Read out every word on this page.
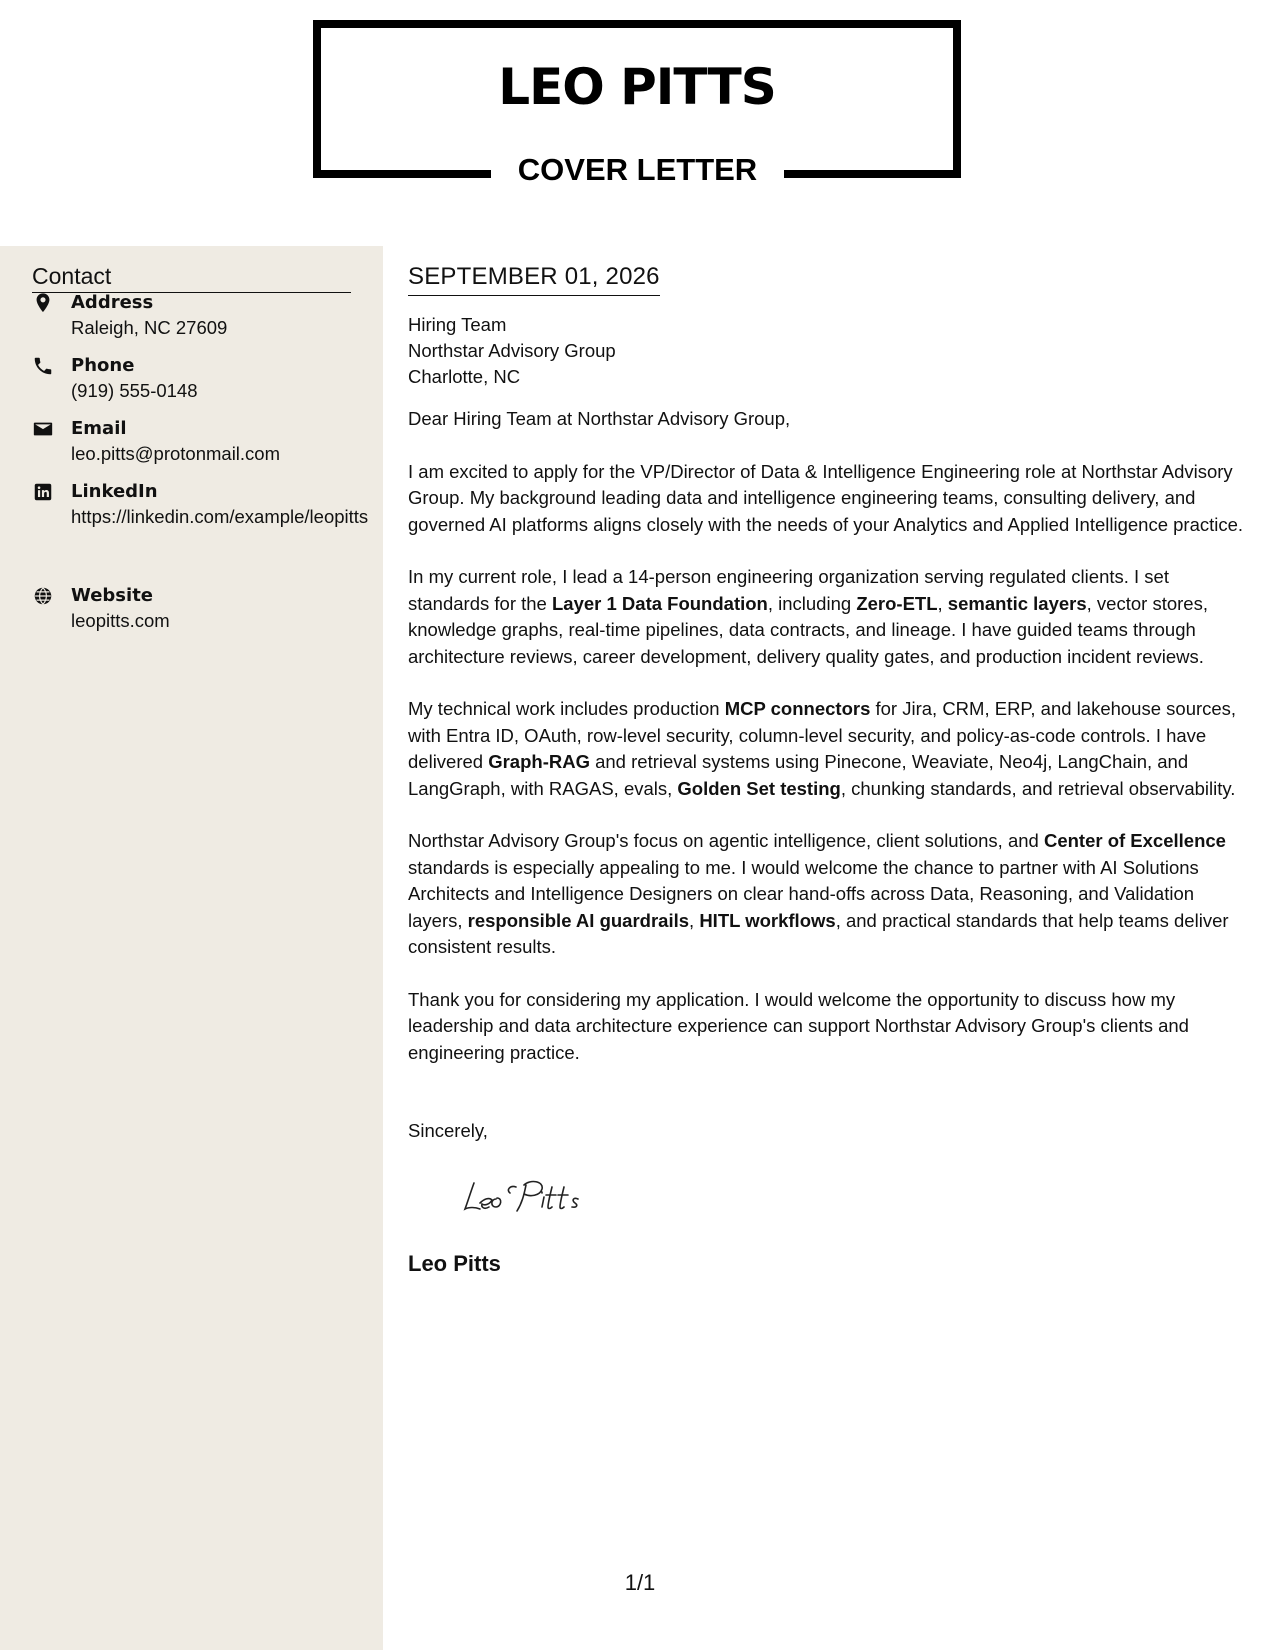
LEO PITTS
COVER LETTER
Contact
Address
Raleigh, NC 27609
Phone
(919) 555-0148
Email
leo.pitts@protonmail.com
LinkedIn
https://linkedin.com/example/leopitts
Website
leopitts.com
SEPTEMBER 01, 2026
Hiring Team
Northstar Advisory Group
Charlotte, NC
Dear Hiring Team at Northstar Advisory Group,
I am excited to apply for the VP/Director of Data & Intelligence Engineering role at Northstar Advisory Group. My background leading data and intelligence engineering teams, consulting delivery, and governed AI platforms aligns closely with the needs of your Analytics and Applied Intelligence practice.
In my current role, I lead a 14-person engineering organization serving regulated clients. I set standards for the Layer 1 Data Foundation, including Zero-ETL, semantic layers, vector stores, knowledge graphs, real-time pipelines, data contracts, and lineage. I have guided teams through architecture reviews, career development, delivery quality gates, and production incident reviews.
My technical work includes production MCP connectors for Jira, CRM, ERP, and lakehouse sources, with Entra ID, OAuth, row-level security, column-level security, and policy-as-code controls. I have delivered Graph-RAG and retrieval systems using Pinecone, Weaviate, Neo4j, LangChain, and LangGraph, with RAGAS, evals, Golden Set testing, chunking standards, and retrieval observability.
Northstar Advisory Group's focus on agentic intelligence, client solutions, and Center of Excellence standards is especially appealing to me. I would welcome the chance to partner with AI Solutions Architects and Intelligence Designers on clear hand-offs across Data, Reasoning, and Validation layers, responsible AI guardrails, HITL workflows, and practical standards that help teams deliver consistent results.
Thank you for considering my application. I would welcome the opportunity to discuss how my leadership and data architecture experience can support Northstar Advisory Group's clients and engineering practice.
Sincerely,
Leo Pitts
1/1
